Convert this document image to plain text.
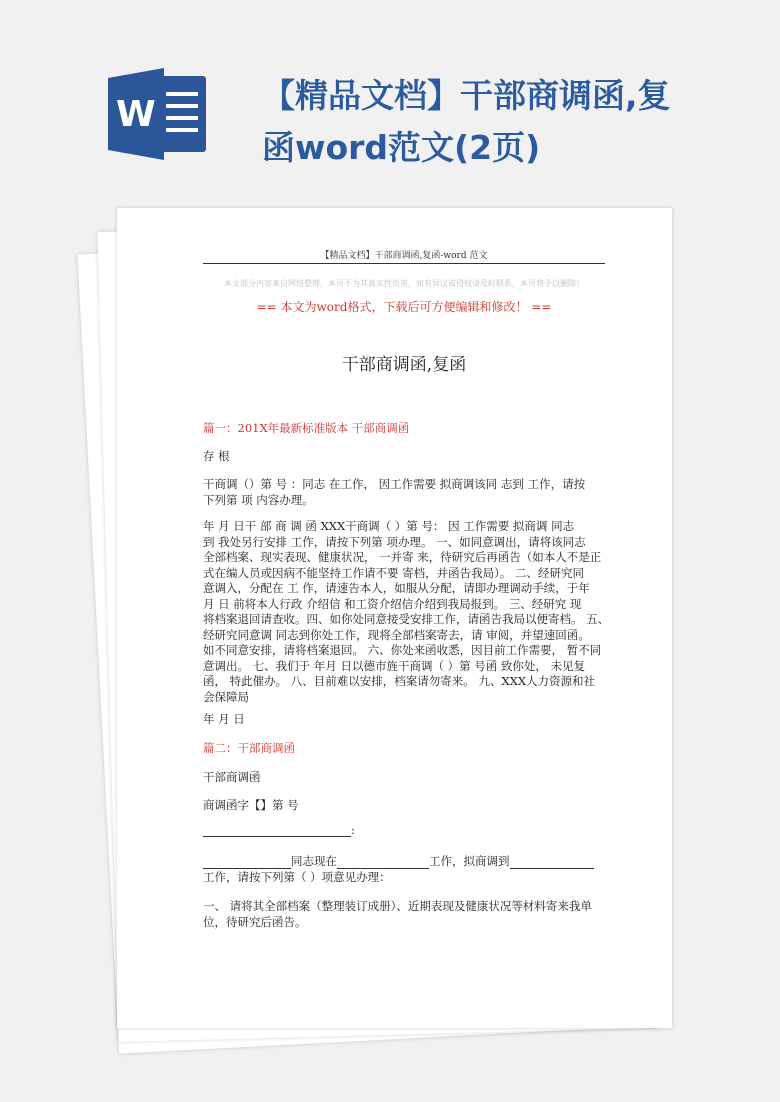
W	【精品文档】干部商调函,复
函word范文(2页)
【精品文档】干部商调函,复函-word 范文
本文部分内容来自网络整理，本司不为其真实性负责，如有异议或侵权请及时联系，本司将予以删除！
== 本文为word格式，下载后可方便编辑和修改！ ==
干部商调函,复函
篇一：201X年最新标准版本 干部商调函
存 根
干商调（）第 号 ：同志 在工作， 因工作需要 拟商调该同 志到 工作，请按
下列第 项 内容办理。
年 月 日干 部 商 调 函 XXX干商调（ ）第 号： 因 工作需要 拟商调 同志
到 我处另行安排 工作，请按下列第 项办理。 一、如同意调出，请将该同志
全部档案、现实表现、健康状况， 一并寄 来，待研究后再函告（如本人不是正
式在编人员或因病不能坚持工作请不要 寄档，并函告我局）。 二、经研究同
意调入，分配在 工 作，请速告本人，如服从分配，请即办理调动手续，于年
月 日 前将本人行政 介绍信 和工资介绍信介绍到我局报到。 三、经研究 现
将档案退回请查收。四、如你处同意接受安排工作，请函告我局以便寄档。 五、
经研究同意调 同志到你处工作，现将全部档案寄去，请 审阅，并望速回函。
如不同意安排，请将档案退回。 六、你处来函收悉，因目前工作需要， 暂不同
意调出。 七、我们于 年月 日以德市旌干商调（ ）第 号函 致你处， 未见复
函， 特此催办。 八、目前难以安排，档案请勿寄来。 九、XXX人力资源和社
会保障局
年 月 日
篇二：干部商调函
干部商调函
商调函字【】第 号
:
同志现在	工作，拟商调到
工作，请按下列第（ ）项意见办理：
一、 请将其全部档案（整理装订成册）、近期表现及健康状况等材料寄来我单
位，待研究后函告。
